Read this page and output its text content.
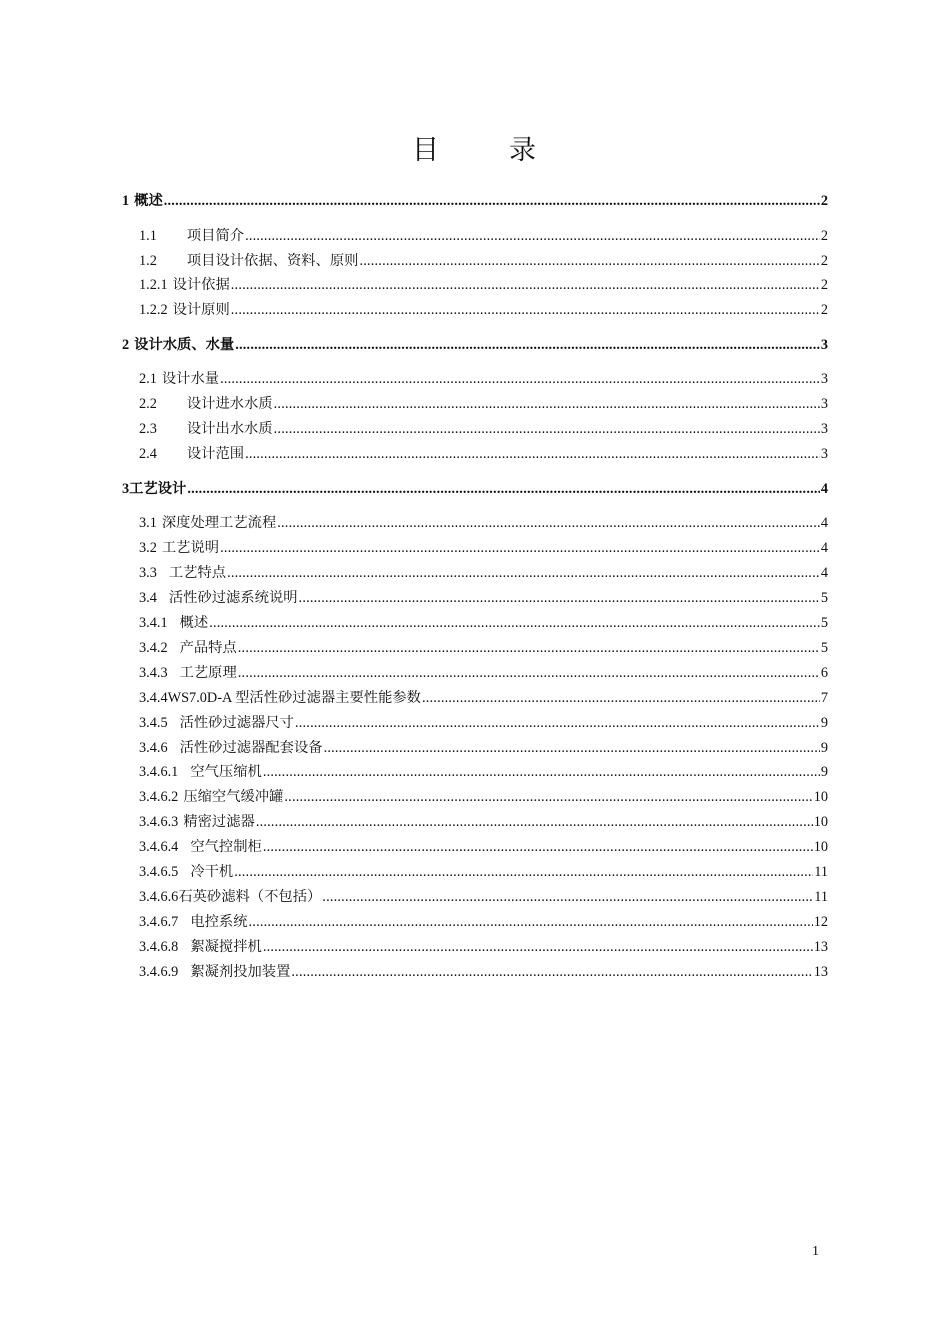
目	录
1 概述 .....	2
1.1 项目简介 .....	2
1.2 项目设计依据、资料、原则 .....	2
1.2.1 设计依据 .....	2
1.2.2 设计原则 .....	2
2 设计水质、水量 .....	3
2.1 设计水量 .....	3
2.2 设计进水水质 .....	3
2.3 设计出水水质 .....	3
2.4 设计范围 .....	3
3 工艺设计 .....	4
3.1 深度处理工艺流程 .....	4
3.2 工艺说明 .....	4
3.3 工艺特点 .....	4
3.4 活性砂过滤系统说明 .....	5
3.4.1 概述 .....	5
3.4.2 产品特点 .....	5
3.4.3 工艺原理 .....	6
3.4.4 WS7.0D-A 型活性砂过滤器主要性能参数 .....	7
3.4.5 活性砂过滤器尺寸 .....	9
3.4.6 活性砂过滤器配套设备 .....	9
3.4.6.1 空气压缩机 .....	9
3.4.6.2 压缩空气缓冲罐 .....	10
3.4.6.3 精密过滤器 .....	10
3.4.6.4 空气控制柜 .....	10
3.4.6.5 冷干机 .....	11
3.4.6.6 石英砂滤料（不包括） .....	11
3.4.6.7 电控系统 .....	12
3.4.6.8 絮凝搅拌机 .....	13
3.4.6.9 絮凝剂投加装置 .....	13
1
